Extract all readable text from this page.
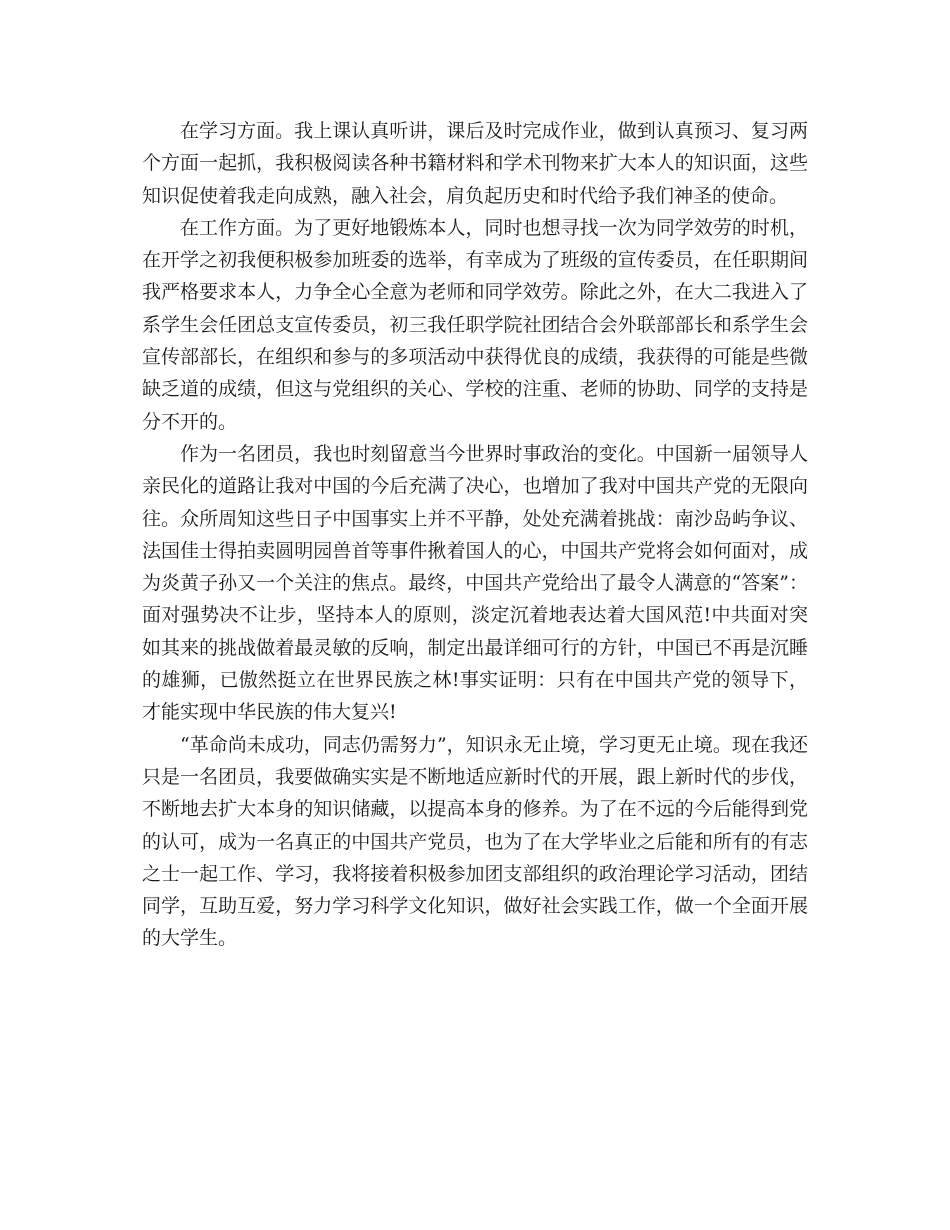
在学习方面。我上课认真听讲，课后及时完成作业，做到认真预习、复习两个方面一起抓，我积极阅读各种书籍材料和学术刊物来扩大本人的知识面，这些知识促使着我走向成熟，融入社会，肩负起历史和时代给予我们神圣的使命。

在工作方面。为了更好地锻炼本人，同时也想寻找一次为同学效劳的时机，在开学之初我便积极参加班委的选举，有幸成为了班级的宣传委员，在任职期间我严格要求本人，力争全心全意为老师和同学效劳。除此之外，在大二我进入了系学生会任团总支宣传委员，初三我任职学院社团结合会外联部部长和系学生会宣传部部长，在组织和参与的多项活动中获得优良的成绩，我获得的可能是些微缺乏道的成绩，但这与党组织的关心、学校的注重、老师的协助、同学的支持是分不开的。

作为一名团员，我也时刻留意当今世界时事政治的变化。中国新一届领导人亲民化的道路让我对中国的今后充满了决心，也增加了我对中国共产党的无限向往。众所周知这些日子中国事实上并不平静，处处充满着挑战：南沙岛屿争议、法国佳士得拍卖圆明园兽首等事件揪着国人的心，中国共产党将会如何面对，成为炎黄子孙又一个关注的焦点。最终，中国共产党给出了最令人满意的“答案”：面对强势决不让步，坚持本人的原则，淡定沉着地表达着大国风范!中共面对突如其来的挑战做着最灵敏的反响，制定出最详细可行的方针，中国已不再是沉睡的雄狮，已傲然挺立在世界民族之林!事实证明：只有在中国共产党的领导下，才能实现中华民族的伟大复兴!

“革命尚未成功，同志仍需努力”，知识永无止境，学习更无止境。现在我还只是一名团员，我要做确实实是不断地适应新时代的开展，跟上新时代的步伐，不断地去扩大本身的知识储藏，以提高本身的修养。为了在不远的今后能得到党的认可，成为一名真正的中国共产党员，也为了在大学毕业之后能和所有的有志之士一起工作、学习，我将接着积极参加团支部组织的政治理论学习活动，团结同学，互助互爱，努力学习科学文化知识，做好社会实践工作，做一个全面开展的大学生。
